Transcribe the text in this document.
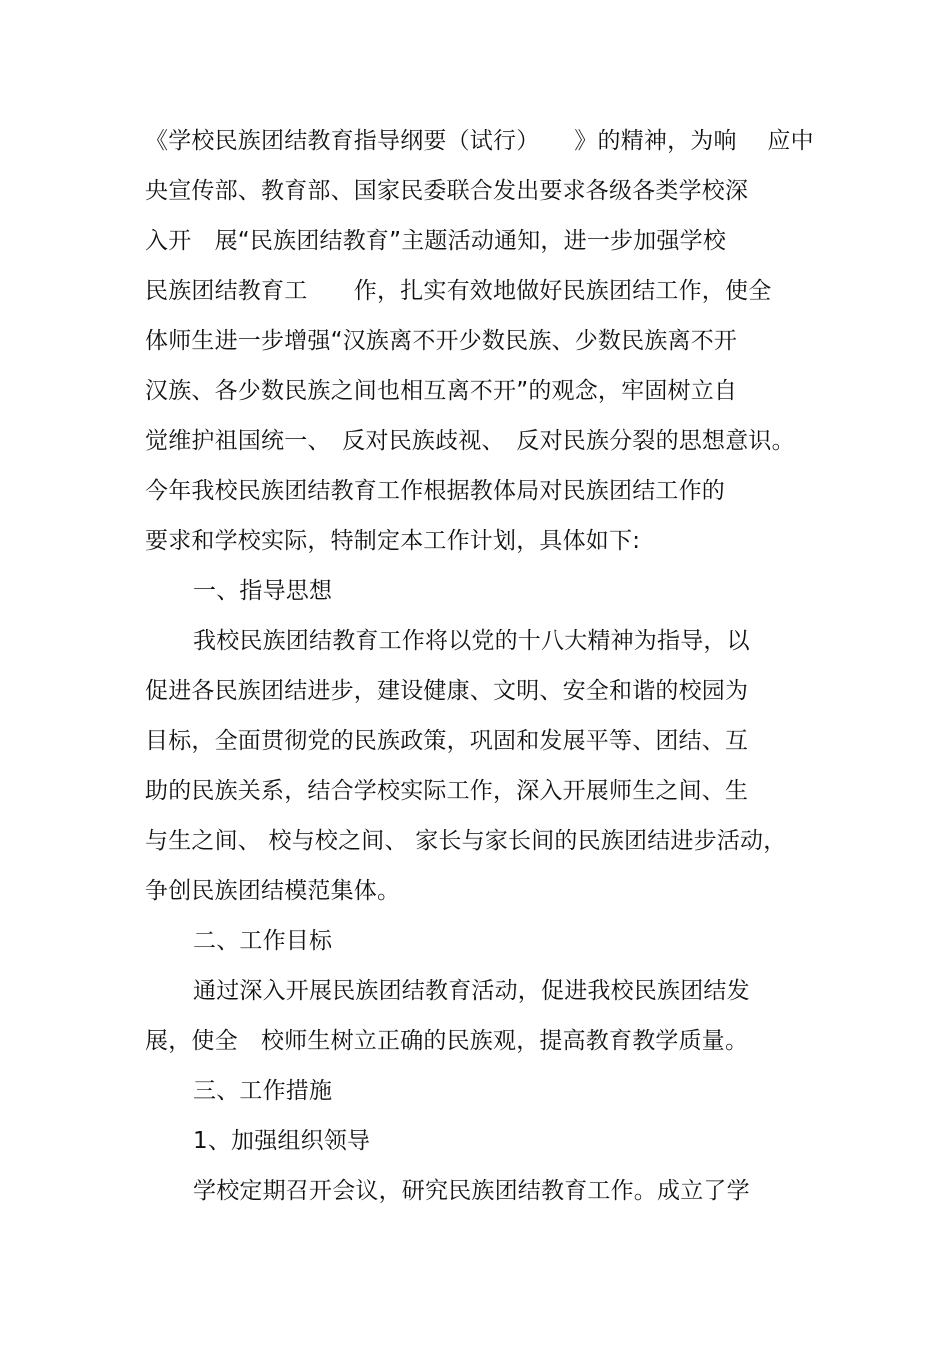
《学校民族团结教育指导纲要（试行）　　》的精神，为响　 应中
央宣传部、教育部、国家民委联合发出要求各级各类学校深
入开　展“民族团结教育”主题活动通知，进一步加强学校
民族团结教育工　　作，扎实有效地做好民族团结工作，使全
体师生进一步增强“汉族离不开少数民族、少数民族离不开
汉族、各少数民族之间也相互离不开”的观念，牢固树立自
觉维护祖国统一、　反对民族歧视、　反对民族分裂的思想意识。
今年我校民族团结教育工作根据教体局对民族团结工作的
要求和学校实际，特制定本工作计划，具体如下:
一、指导思想
我校民族团结教育工作将以党的十八大精神为指导，以
促进各民族团结进步，建设健康、文明、安全和谐的校园为
目标，全面贯彻党的民族政策，巩固和发展平等、团结、互
助的民族关系，结合学校实际工作，深入开展师生之间、生
与生之间、 校与校之间、 家长与家长间的民族团结进步活动，
争创民族团结模范集体。
二、工作目标
通过深入开展民族团结教育活动，促进我校民族团结发
展，使全　校师生树立正确的民族观，提高教育教学质量。
三、工作措施
1、加强组织领导
学校定期召开会议，研究民族团结教育工作。成立了学
